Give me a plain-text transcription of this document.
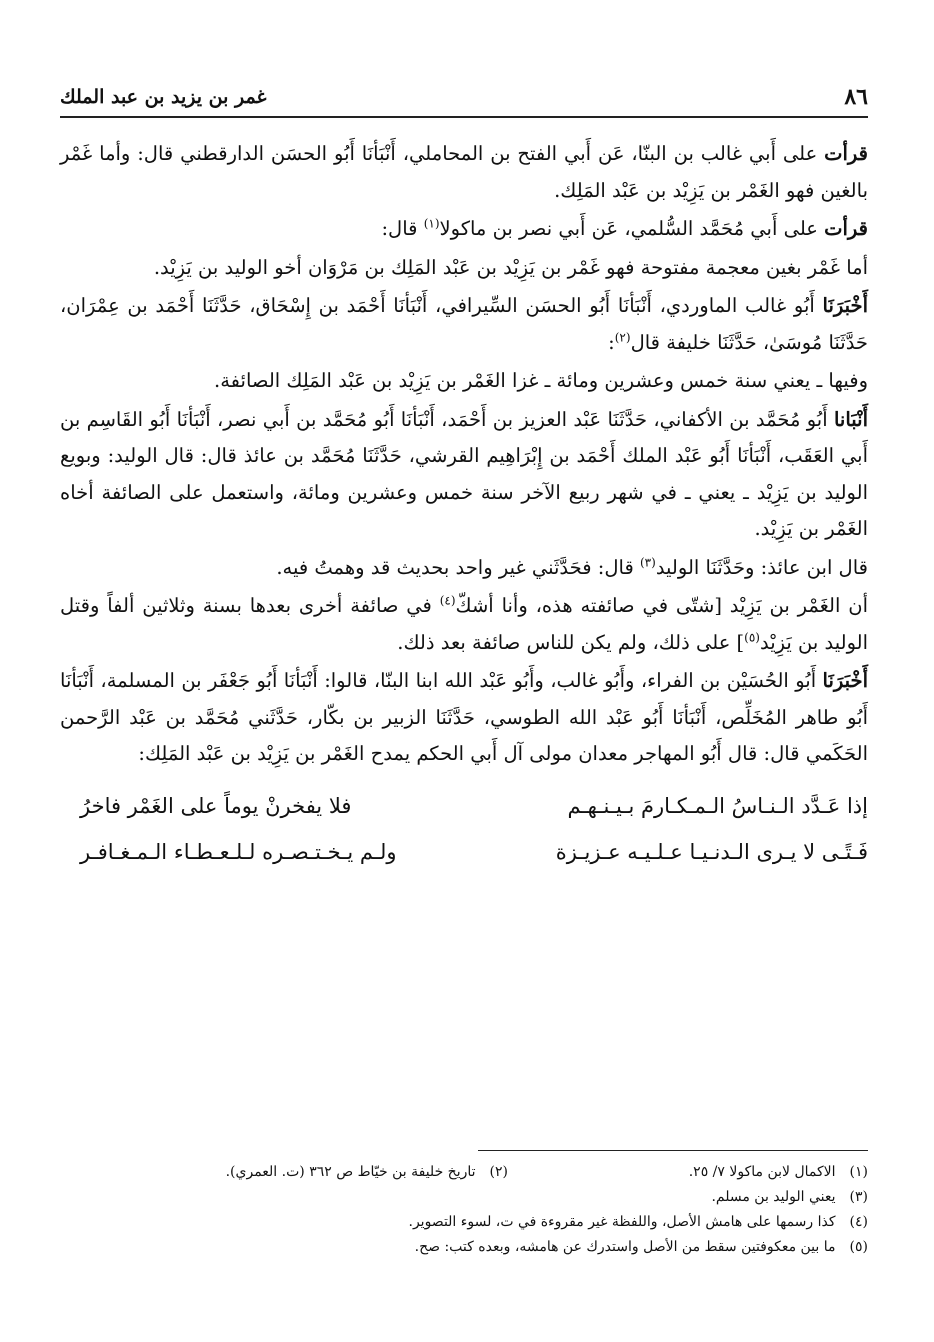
٨٦
غمر بن يزيد بن عبد الملك

قرأت على أَبي غالب بن البنّا، عَن أَبي الفتح بن المحاملي، أَنْبَأنَا أَبُو الحسَن الدارقطني قال: وأما غَمْر بالغين فهو الغَمْر بن يَزِيْد بن عَبْد المَلِك.

قرأت على أَبي مُحَمَّد السُّلمي، عَن أَبي نصر بن ماكولا$^{(١)}$ قال:

أما غَمْر بغين معجمة مفتوحة فهو غَمْر بن يَزِيْد بن عَبْد المَلِك بن مَرْوَان أخو الوليد بن يَزِيْد.

أَخْبَرَنَا أَبُو غالب الماوردي، أَنْبَأنَا أَبُو الحسَن السِّيرافي، أَنْبَأنَا أَحْمَد بن إِسْحَاق، حَدَّثَنَا أَحْمَد بن عِمْرَان، حَدَّثَنَا مُوسَىٰ، حَدَّثَنَا خليفة قال$^{(٢)}$:

وفيها ـ يعني سنة خمس وعشرين ومائة ـ غزا الغَمْر بن يَزِيْد بن عَبْد المَلِك الصائفة.

أَنْبَانا أَبُو مُحَمَّد بن الأكفاني، حَدَّثَنَا عَبْد العزيز بن أَحْمَد، أَنْبَأنَا أَبُو مُحَمَّد بن أَبي نصر، أَنْبَأنَا أَبُو القَاسِم بن أَبي العَقَب، أَنْبَأنَا أَبُو عَبْد الملك أَحْمَد بن إِبْرَاهِيم القرشي، حَدَّثَنَا مُحَمَّد بن عائذ قال: قال الوليد: وبويع الوليد بن يَزِيْد ـ يعني ـ في شهر ربيع الآخر سنة خمس وعشرين ومائة، واستعمل على الصائفة أخاه الغَمْر بن يَزِيْد.

قال ابن عائذ: وحَدَّثَنَا الوليد$^{(٣)}$ قال: فحَدَّثَني غير واحد بحديث قد وهمتُ فيه.

أن الغَمْر بن يَزِيْد [شتّى في صائفته هذه، وأنا أشكّ$^{(٤)}$ في صائفة أخرى بعدها بسنة وثلاثين ألفاً وقتل الوليد بن يَزِيْد$^{(٥)}$] على ذلك، ولم يكن للناس صائفة بعد ذلك.

أَخْبَرَنَا أَبُو الحُسَيْن بن الفراء، وأَبُو غالب، وأَبُو عَبْد الله ابنا البنّا، قالوا: أَنْبَأنَا أَبُو جَعْفَر بن المسلمة، أَنْبَأنَا أَبُو طاهر المُخَلِّص، أَنْبَأنَا أَبُو عَبْد الله الطوسي، حَدَّثَنَا الزبير بن بكّار، حَدَّثَني مُحَمَّد بن عَبْد الرَّحمن الحَكَمي قال: قال أَبُو المهاجر معدان مولى آل أَبي الحكم يمدح الغَمْر بن يَزِيْد بن عَبْد المَلِك:

إذا عَـدَّد الـنـاسُ الـمـكـارمَ بـيـنـهـم
فلا يفخرنْ يوماً على الغَمْر فاخرُ
فَـتًـى لا يـرى الـدنـيـا عـلـيـه عـزيـزة
ولـم يـخـتـصـره لـلـعـطـاء الـمـغـافـر
(١)الاكمال لابن ماكولا ٧/ ٢٥.
(٢)تاريخ خليفة بن خيّاط ص ٣٦٢ (ت. العمري).
(٣)يعني الوليد بن مسلم.
(٤)كذا رسمها على هامش الأصل، واللفظة غير مقروءة في ت، لسوء التصوير.
(٥)ما بين معكوفتين سقط من الأصل واستدرك عن هامشه، وبعده كتب: صح.
